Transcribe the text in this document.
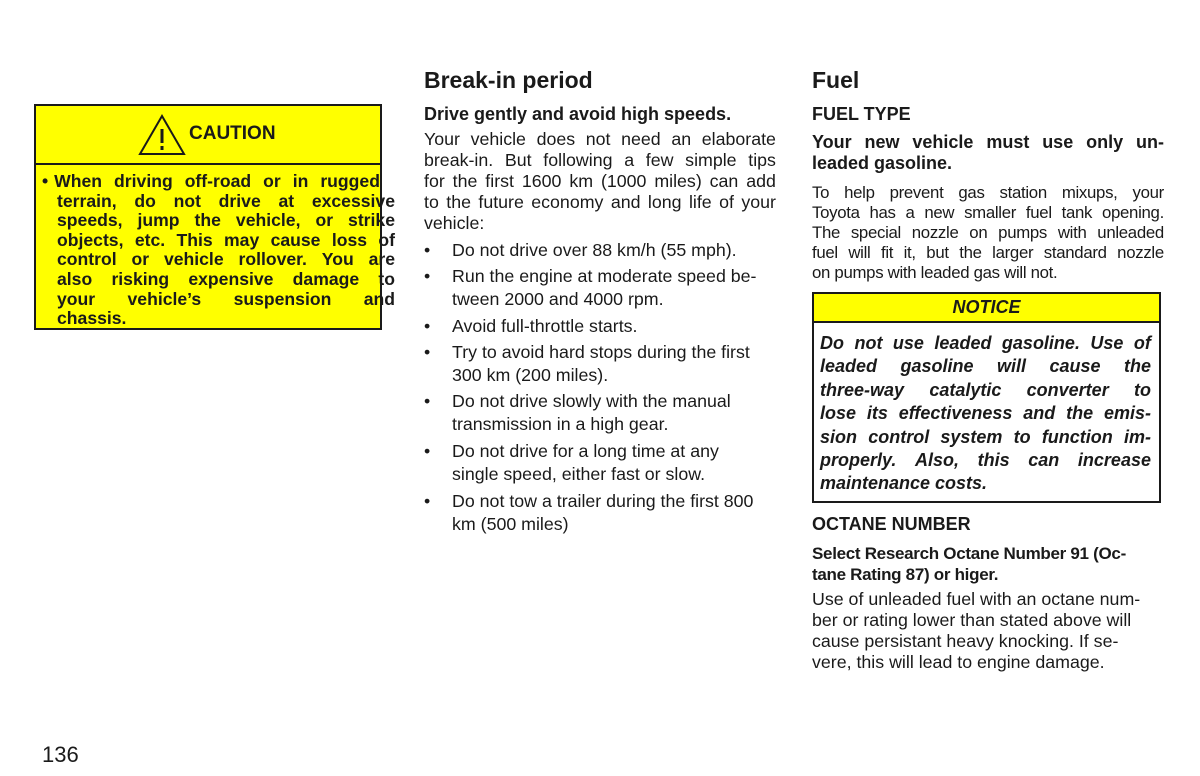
CAUTION
• When driving off-road or in rugged
terrain, do not drive at excessive
speeds, jump the vehicle, or strike
objects, etc. This may cause loss of
control or vehicle rollover. You are
also risking expensive damage to
your vehicle’s suspension and
chassis.
Break-in period
Drive gently and avoid high speeds.
Your vehicle does not need an elaborate
break-in. But following a few simple tips
for the first 1600 km (1000 miles) can add
to the future economy and long life of your
vehicle:
• Do not drive over 88 km/h (55 mph).
• Run the engine at moderate speed be-
tween 2000 and 4000 rpm.
• Avoid full-throttle starts.
• Try to avoid hard stops during the first
300 km (200 miles).
• Do not drive slowly with the manual
transmission in a high gear.
• Do not drive for a long time at any
single speed, either fast or slow.
• Do not tow a trailer during the first 800
km (500 miles)
Fuel
FUEL TYPE
Your new vehicle must use only un-
leaded gasoline.
To help prevent gas station mixups, your
Toyota has a new smaller fuel tank opening.
The special nozzle on pumps with unleaded
fuel will fit it, but the larger standard nozzle
on pumps with leaded gas will not.
OCTANE NUMBER
Select Research Octane Number 91 (Oc-
tane Rating 87) or higer.
Use of unleaded fuel with an octane num-
ber or rating lower than stated above will
cause persistant heavy knocking. If se-
vere, this will lead to engine damage.
NOTICE
Do not use leaded gasoline. Use of
leaded gasoline will cause the
three-way catalytic converter to
lose its effectiveness and the emis-
sion control system to function im-
properly. Also, this can increase
maintenance costs.
136
